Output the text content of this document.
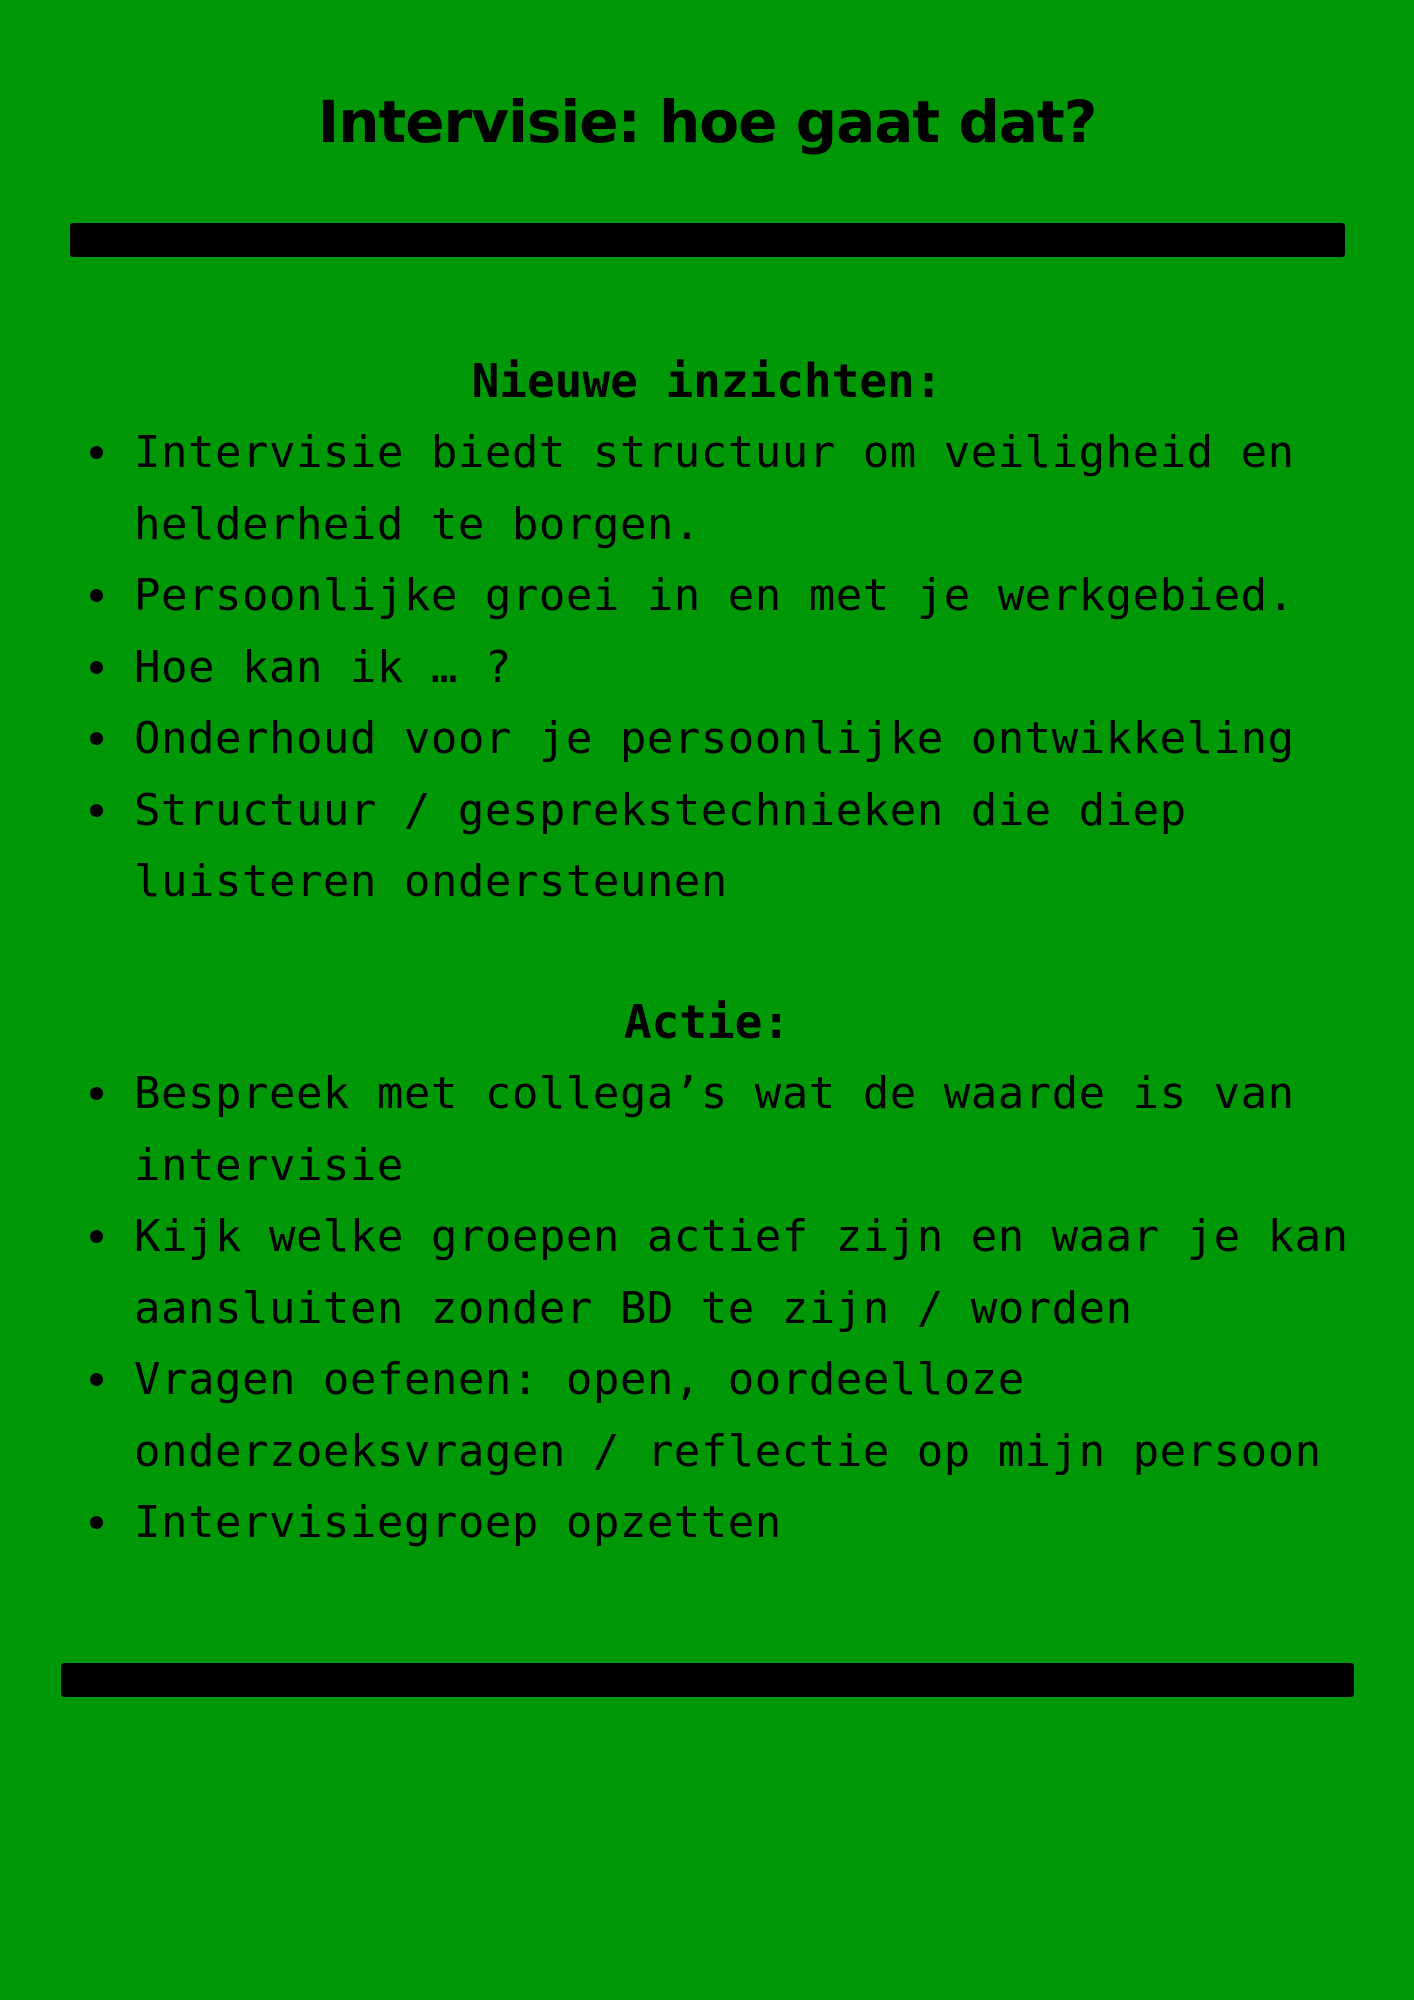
Intervisie: hoe gaat dat?
Nieuwe inzichten:
Intervisie biedt structuur om veiligheid en helderheid te borgen.
Persoonlijke groei in en met je werkgebied.
Hoe kan ik … ?
Onderhoud voor je persoonlijke ontwikkeling
Structuur / gesprekstechnieken die diep luisteren ondersteunen
Actie:
Bespreek met collega’s wat de waarde is van intervisie
Kijk welke groepen actief zijn en waar je kan aansluiten zonder BD te zijn / worden
Vragen oefenen: open, oordeelloze onderzoeksvragen / reflectie op mijn persoon
Intervisiegroep opzetten
